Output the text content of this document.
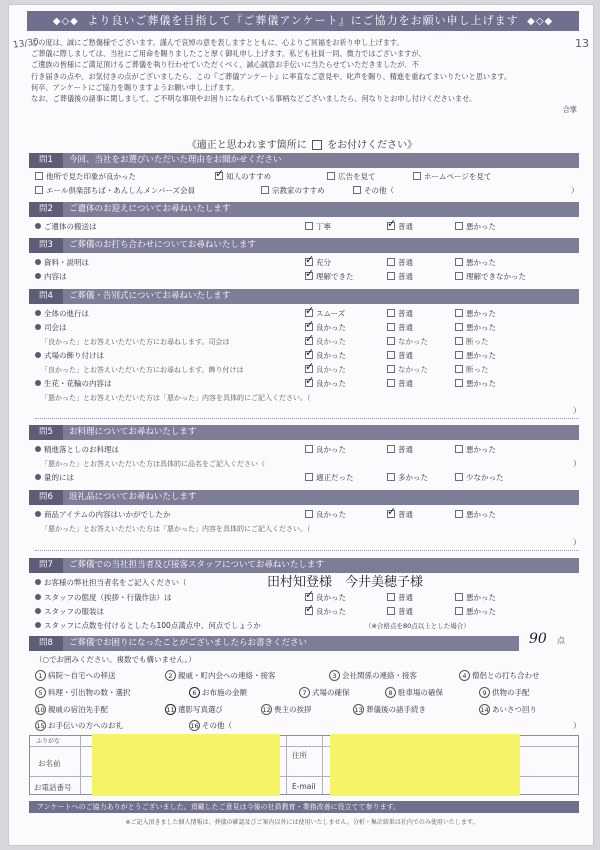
◆◇◆ より良いご葬儀を目指して『ご葬儀アンケート』にご協力をお願い申し上げます ◆◇◆
13/30	13

この度は、誠にご愁傷様でございます。謹んで哀悼の意を表しますとともに、心よりご冥福をお祈り申し上げます。

ご葬儀に際しましては、当社にご用命を賜りましたこと厚く御礼申し上げます。私ども社員一同、微力ではございますが、

ご遺族の皆様にご満足頂けるご葬儀を執り行わせていただくべく、誠心誠意お手伝いに当たらせていただきましたが、不

行き届きの点や、お気付きの点がございましたら、この『ご葬儀アンケート』に率直なご意見や、叱声を賜り、精進を重ねてまいりたいと思います。

何卒、アンケートにご協力を賜りますようお願い申し上げます。

なお、ご葬儀後の諸事に関しまして、ご不明な事項やお困りになられている事柄などございましたら、何なりとお申し付けくださいませ。

合掌

《適正と思われます箇所に をお付けください》
問1 今回、当社をお選びいただいた理由をお聞かせください
他所で見た印象が良かった ✓	知人のすすめ	広告を見て	ホームページを見て
エール倶楽部ちば・あんしんメンバーズ会員	宗教家のすすめ	その他（	）
問2 ご遺体のお迎えについてお尋ねいたします
ご遺体の搬送は	丁寧 ✓	普通	悪かった
問3 ご葬儀のお打ち合わせについてお尋ねいたします
資料・説明は ✓	充分	普通	悪かった
内容は ✓	理解できた	普通	理解できなかった
問4 ご葬儀・告別式についてお尋ねいたします
全体の進行は ✓	スムーズ	普通	悪かった
司会は ✓	良かった	普通	悪かった
「良かった」とお答えいただいた方にお尋ねします。司会は ✓	良かった	なかった	断った
式場の飾り付けは ✓	良かった	普通	悪かった
「良かった」とお答えいただいた方にお尋ねします。飾り付けは ✓	良かった	なかった	断った
生花・花輪の内容は ✓	良かった	普通	悪かった
「悪かった」とお答えいただいた方は「悪かった」内容を具体的にご記入ください。（
）
問5 お料理についてお尋ねいたします
精進落としのお料理は	良かった	普通	悪かった
「悪かった」とお答えいただいた方は具体的に品名をご記入ください（	）
量的には	適正だった	多かった	少なかった
問6 返礼品についてお尋ねいたします
商品アイテムの内容はいかがでしたか	良かった ✓	普通	悪かった
「悪かった」とお答えいただいた方は「悪かった」内容を具体的にご記入ください。（
）
問7 ご葬儀での当社担当者及び接客スタッフについてお尋ねいたします
お客様の弊社担当者名をご記入ください（	田村知登様　今井美穂子様
スタッフの態度（挨拶・行儀作法）は ✓	良かった	普通	悪かった
スタッフの服装は ✓	良かった	普通	悪かった
スタッフに点数を付けるとしたら100点満点中、何点でしょうか	（※合格点を80点以上とした場合）
90 点
問8 ご葬儀でお困りになったことがございましたらお書きください
（○でお囲みください。複数でも構いません。）
1 病院〜自宅への移送	2 親戚・町内会への連絡・接客	3 会社関係の連絡・接客	4 僧侶との打ち合わせ
5 料理・引出物の数・選択	6 お布施の金額	7 式場の確保	8 駐車場の確保	9 供物の手配
10 親戚の宿泊先手配	11 遺影写真選び	12 喪主の挨拶	13 葬儀後の諸手続き	14 あいさつ回り
15 お手伝いの方へのお礼	16 その他（	）
ふりがな
お名前
住所
お電話番号	E-mail
アンケートへのご協力ありがとうございました。頂戴したご意見は今後の社員教育・業務改善に役立てて参ります。
※ご記入頂きました個人情報は、葬儀の確認及びご案内以外には使用いたしません。分析・集計結果は社内でのみ使用いたします。
